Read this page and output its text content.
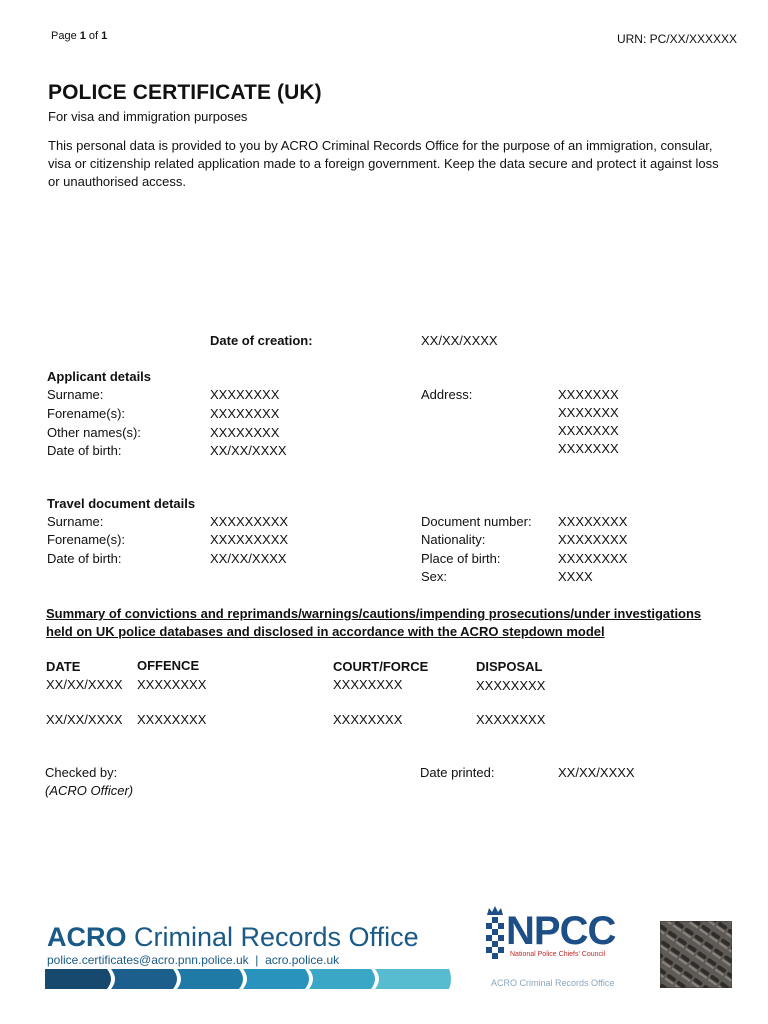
Page 1 of 1	URN: PC/XX/XXXXXX
POLICE CERTIFICATE (UK)
For visa and immigration purposes
This personal data is provided to you by ACRO Criminal Records Office for the purpose of an immigration, consular, visa or citizenship related application made to a foreign government. Keep the data secure and protect it against loss or unauthorised access.
Date of creation:	XX/XX/XXXX
Applicant details
Surname:	XXXXXXXX
Forename(s):	XXXXXXXX
Other names(s):	XXXXXXXX
Date of birth:	XX/XX/XXXX
Address:	XXXXXXX
XXXXXXX
XXXXXXX
XXXXXXX
Travel document details
Surname:	XXXXXXXXX
Forename(s):	XXXXXXXXX
Date of birth:	XX/XX/XXXX
Document number: XXXXXXXX
Nationality:	XXXXXXXX
Place of birth:	XXXXXXXX
Sex:	XXXX
Summary of convictions and reprimands/warnings/cautions/impending prosecutions/under investigations
held on UK police databases and disclosed in accordance with the ACRO stepdown model
DATE	OFFENCE	COURT/FORCE	DISPOSAL
XX/XX/XXXX XXXXXXXX	XXXXXXXX	XXXXXXXX
XX/XX/XXXX XXXXXXXX	XXXXXXXX	XXXXXXXX
Checked by:
(ACRO Officer)
Date printed:	XX/XX/XXXX
ACRO Criminal Records Office
police.certificates@acro.pnn.police.uk  |  acro.police.uk
NPCC
National Police Chiefs' Council
ACRO Criminal Records Office
